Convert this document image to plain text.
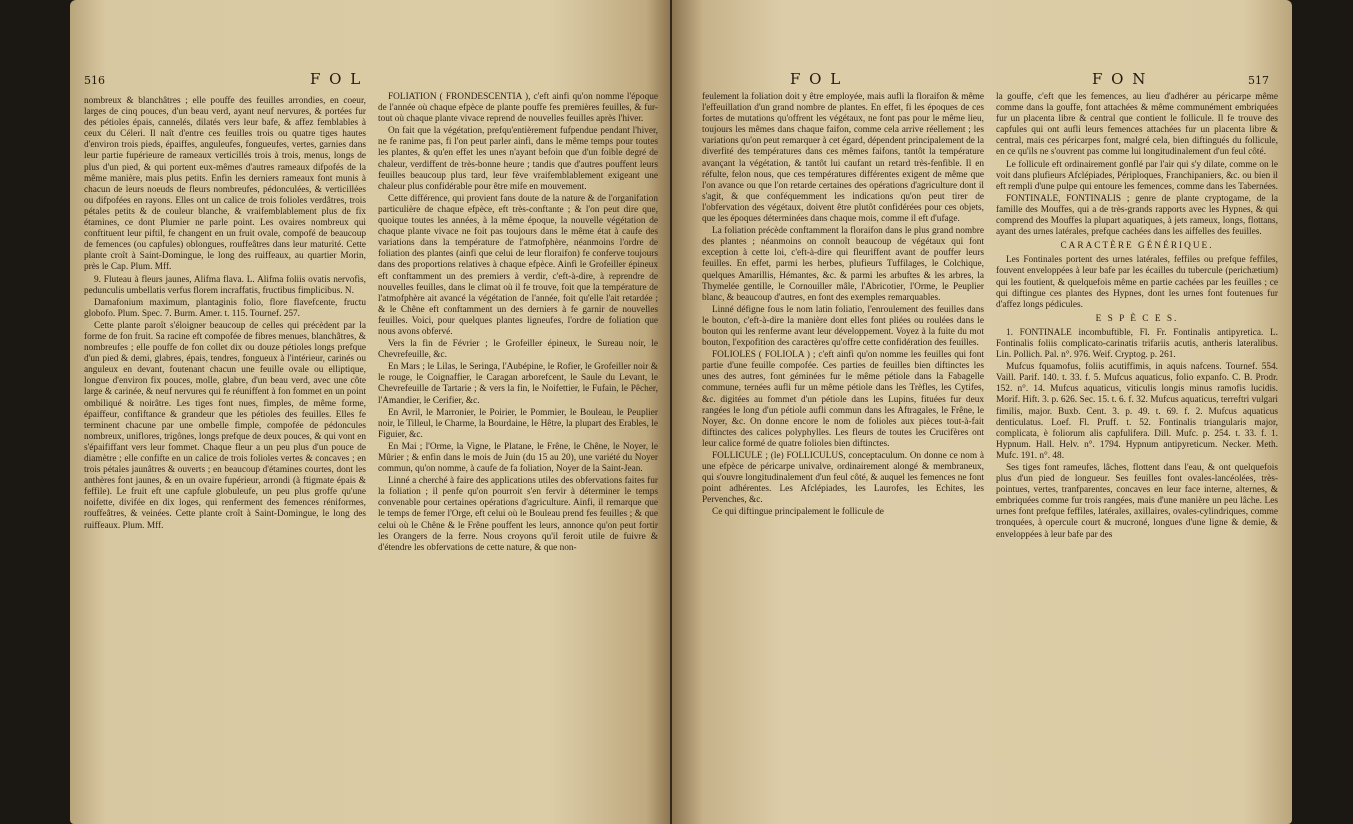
516	F O L

nombreux & blanchâtres ; elle pouffe des feuilles arrondies, en coeur, larges de cinq pouces, d'un beau verd, ayant neuf nervures, & portées fur des pétioles épais, cannelés, dilatés vers leur bafe, & affez femblables à ceux du Céleri. Il naît d'entre ces feuilles trois ou quatre tiges hautes d'environ trois pieds, épaiffes, anguleufes, fongueufes, vertes, garnies dans leur partie fupérieure de rameaux verticillés trois à trois, menus, longs de plus d'un pied, & qui portent eux-mêmes d'autres rameaux difpofés de la même manière, mais plus petits. Enfin les derniers rameaux font munis à chacun de leurs noeuds de fleurs nombreufes, pédonculées, & verticillées ou difpofées en rayons. Elles ont un calice de trois folioles verdâtres, trois pétales petits & de couleur blanche, & vraifemblablement plus de fix étamines, ce dont Plumier ne parle point. Les ovaires nombreux qui conftituent leur piftil, fe changent en un fruit ovale, compofé de beaucoup de femences (ou capfules) oblongues, rouffeâtres dans leur maturité. Cette plante croît à Saint-Domingue, le long des ruiffeaux, au quartier Morin, près le Cap. Plum. Mff.

9. Fluteau à fleurs jaunes, Alifma flava. L. Alifma foliis ovatis nervofis, pedunculis umbellatis verfus florem incraffatis, fructibus fimplicibus. N.

Damafonium maximum, plantaginis folio, flore flavefcente, fructu globofo. Plum. Spec. 7. Burm. Amer. t. 115. Tournef. 257.

Cette plante paroît s'éloigner beaucoup de celles qui précèdent par la forme de fon fruit. Sa racine eft compofée de fibres menues, blanchâtres, & nombreufes ; elle pouffe de fon collet dix ou douze pétioles longs prefque d'un pied & demi, glabres, épais, tendres, fongueux à l'intérieur, carinés ou anguleux en devant, foutenant chacun une feuille ovale ou elliptique, longue d'environ fix pouces, molle, glabre, d'un beau verd, avec une côte large & carinée, & neuf nervures qui fe réuniffent à fon fommet en un point ombiliqué & noirâtre. Les tiges font nues, fimples, de même forme, épaiffeur, confiftance & grandeur que les pétioles des feuilles. Elles fe terminent chacune par une ombelle fimple, compofée de pédoncules nombreux, uniflores, trigônes, longs prefque de deux pouces, & qui vont en s'épaififfant vers leur fommet. Chaque fleur a un peu plus d'un pouce de diamètre ; elle confifte en un calice de trois folioles vertes & concaves ; en trois pétales jaunâtres & ouverts ; en beaucoup d'étamines courtes, dont les anthères font jaunes, & en un ovaire fupérieur, arrondi (à ftigmate épais & feffile). Le fruit eft une capfule globuleufe, un peu plus groffe qu'une noifette, divifée en dix loges, qui renferment des femences réniformes, rouffeâtres, & veinées. Cette plante croît à Saint-Domingue, le long des ruiffeaux. Plum. Mff.

FOLIATION ( FRONDESCENTIA ), c'eft ainfi qu'on nomme l'époque de l'année où chaque efpèce de plante pouffe fes premières feuilles, & fur-tout où chaque plante vivace reprend de nouvelles feuilles après l'hiver.

On fait que la végétation, prefqu'entièrement fufpendue pendant l'hiver, ne fe ranime pas, fi l'on peut parler ainfi, dans le même temps pour toutes les plantes, & qu'en effet les unes n'ayant befoin que d'un foible degré de chaleur, verdiffent de très-bonne heure ; tandis que d'autres pouffent leurs feuilles beaucoup plus tard, leur fève vraifemblablement exigeant une chaleur plus confidérable pour être mife en mouvement.

Cette différence, qui provient fans doute de la nature & de l'organifation particulière de chaque efpèce, eft très-conftante ; & l'on peut dire que, quoique toutes les années, à la même époque, la nouvelle végétation de chaque plante vivace ne foit pas toujours dans le même état à caufe des variations dans la température de l'atmofphère, néanmoins l'ordre de foliation des plantes (ainfi que celui de leur floraifon) fe conferve toujours dans des proportions relatives à chaque efpèce. Ainfi le Grofeiller épineux eft conftamment un des premiers à verdir, c'eft-à-dire, à reprendre de nouvelles feuilles, dans le climat où il fe trouve, foit que la température de l'atmofphère ait avancé la végétation de l'année, foit qu'elle l'ait retardée ; & le Chêne eft conftamment un des derniers à fe garnir de nouvelles feuilles. Voici, pour quelques plantes ligneufes, l'ordre de foliation que nous avons obfervé.

Vers la fin de Février ; le Grofeiller épineux, le Sureau noir, le Chevrefeuille, &c.

En Mars ; le Lilas, le Seringa, l'Aubépine, le Rofier, le Grofeiller noir & le rouge, le Coignaffier, le Caragan arborefcent, le Saule du Levant, le Chevrefeuille de Tartarie ; & vers la fin, le Noifettier, le Fufain, le Pêcher, l'Amandier, le Cerifier, &c.

En Avril, le Marronier, le Poirier, le Pommier, le Bouleau, le Peuplier noir, le Tilleul, le Charme, la Bourdaine, le Hêtre, la plupart des Erables, le Figuier, &c.

En Mai ; l'Orme, la Vigne, le Platane, le Frêne, le Chêne, le Noyer, le Mûrier ; & enfin dans le mois de Juin (du 15 au 20), une variété du Noyer commun, qu'on nomme, à caufe de fa foliation, Noyer de la Saint-Jean.

Linné a cherché à faire des applications utiles des obfervations faites fur la foliation ; il penfe qu'on pourroit s'en fervir à déterminer le temps convenable pour certaines opérations d'agriculture. Ainfi, il remarque que le temps de femer l'Orge, eft celui où le Bouleau prend fes feuilles ; & que celui où le Chêne & le Frêne pouffent les leurs, annonce qu'on peut fortir les Orangers de la ferre. Nous croyons qu'il feroit utile de fuivre & d'étendre les obfervations de cette nature, & que non-

F O L	F O N	517

feulement la foliation doit y être employée, mais aufli la floraifon & même l'effeuillation d'un grand nombre de plantes. En effet, fi les époques de ces fortes de mutations qu'offrent les végétaux, ne font pas pour le même lieu, toujours les mêmes dans chaque faifon, comme cela arrive réellement ; les variations qu'on peut remarquer à cet égard, dépendent principalement de la diverfité des températures dans ces mêmes faifons, tantôt la température avançant la végétation, & tantôt lui caufant un retard très-fenfible. Il en réfulte, felon nous, que ces températures différentes exigent de même que l'on avance ou que l'on retarde certaines des opérations d'agriculture dont il s'agit, & que conféquemment les indications qu'on peut tirer de l'obfervation des végétaux, doivent être plutôt confidérées pour ces objets, que les époques déterminées dans chaque mois, comme il eft d'ufage.

La foliation précède conftamment la floraifon dans le plus grand nombre des plantes ; néanmoins on connoît beaucoup de végétaux qui font exception à cette loi, c'eft-à-dire qui fleuriffent avant de pouffer leurs feuilles. En effet, parmi les herbes, plufieurs Tuffilages, le Colchique, quelques Amarillis, Hémantes, &c. & parmi les arbuftes & les arbres, la Thymelée gentille, le Cornouiller mâle, l'Abricotier, l'Orme, le Peuplier blanc, & beaucoup d'autres, en font des exemples remarquables.

Linné défigne fous le nom latin foliatio, l'enroulement des feuilles dans le bouton, c'eft-à-dire la manière dont elles font pliées ou roulées dans le bouton qui les renferme avant leur développement. Voyez à la fuite du mot bouton, l'expofition des caractères qu'offre cette confidération des feuilles.

FOLIOLES ( FOLIOLA ) ; c'eft ainfi qu'on nomme les feuilles qui font partie d'une feuille compofée. Ces parties de feuilles bien diftinctes les unes des autres, font géminées fur le même pétiole dans la Fabagelle commune, ternées aufli fur un même pétiole dans les Trèfles, les Cytifes, &c. digitées au fommet d'un pétiole dans les Lupins, fituées fur deux rangées le long d'un pétiole aufli commun dans les Aftragales, le Frêne, le Noyer, &c. On donne encore le nom de folioles aux pièces tout-à-fait diftinctes des calices polyphylles. Les fleurs de toutes les Crucifères ont leur calice formé de quatre folioles bien diftinctes.

FOLLICULE ; (le) FOLLICULUS, conceptaculum. On donne ce nom à une efpèce de péricarpe univalve, ordinairement alongé & membraneux, qui s'ouvre longitudinalement d'un feul côté, & auquel les femences ne font point adhérentes. Les Afclépiades, les Laurofes, les Echites, les Pervenches, &c.

Ce qui diftingue principalement le follicule de

la gouffe, c'eft que les femences, au lieu d'adhérer au péricarpe même comme dans la gouffe, font attachées & même communément embriquées fur un placenta libre & central que contient le follicule. Il fe trouve des capfules qui ont aufli leurs femences attachées fur un placenta libre & central, mais ces péricarpes font, malgré cela, bien diftingués du follicule, en ce qu'ils ne s'ouvrent pas comme lui longitudinalement d'un feul côté.

Le follicule eft ordinairement gonflé par l'air qui s'y dilate, comme on le voit dans plufieurs Afclépiades, Périploques, Franchipaniers, &c. ou bien il eft rempli d'une pulpe qui entoure les femences, comme dans les Tabernées.

FONTINALE, FONTINALIS ; genre de plante cryptogame, de la famille des Mouffes, qui a de très-grands rapports avec les Hypnes, & qui comprend des Mouffes la plupart aquatiques, à jets rameux, longs, flottans, ayant des urnes latérales, prefque cachées dans les aiffelles des feuilles.

CARACTÈRE GÉNÉRIQUE.

Les Fontinales portent des urnes latérales, feffiles ou prefque feffiles, fouvent enveloppées à leur bafe par les écailles du tubercule (perichætium) qui les foutient, & quelquefois même en partie cachées par les feuilles ; ce qui diftingue ces plantes des Hypnes, dont les urnes font foutenues fur d'affez longs pédicules.

E S P È C E S.

1. FONTINALE incombuftible, Fl. Fr. Fontinalis antipyretica. L. Fontinalis foliis complicato-carinatis trifariis acutis, antheris lateralibus. Lin. Pollich. Pal. n°. 976. Weif. Cryptog. p. 261.

Mufcus fquamofus, foliis acutiffimis, in aquis nafcens. Tournef. 554. Vaill. Parif. 140. t. 33. f. 5. Mufcus aquaticus, folio expanfo. C. B. Prodr. 152. n°. 14. Mufcus aquaticus, viticulis longis minus ramofis lucidis. Morif. Hift. 3. p. 626. Sec. 15. t. 6. f. 32. Mufcus aquaticus, terreftri vulgari fimilis, major. Buxb. Cent. 3. p. 49. t. 69. f. 2. Mufcus aquaticus denticulatus. Loef. Fl. Pruff. t. 52. Fontinalis triangularis major, complicata, è foliorum alis capfulifera. Dill. Mufc. p. 254. t. 33. f. 1. Hypnum. Hall. Helv. n°. 1794. Hypnum antipyreticum. Necker. Meth. Mufc. 191. n°. 48.

Ses tiges font rameufes, lâches, flottent dans l'eau, & ont quelquefois plus d'un pied de longueur. Ses feuilles font ovales-lancéolées, très-pointues, vertes, tranfparentes, concaves en leur face interne, alternes, & embriquées comme fur trois rangées, mais d'une manière un peu lâche. Les urnes font prefque feffiles, latérales, axillaires, ovales-cylindriques, comme tronquées, à opercule court & mucroné, longues d'une ligne & demie, & enveloppées à leur bafe par des
